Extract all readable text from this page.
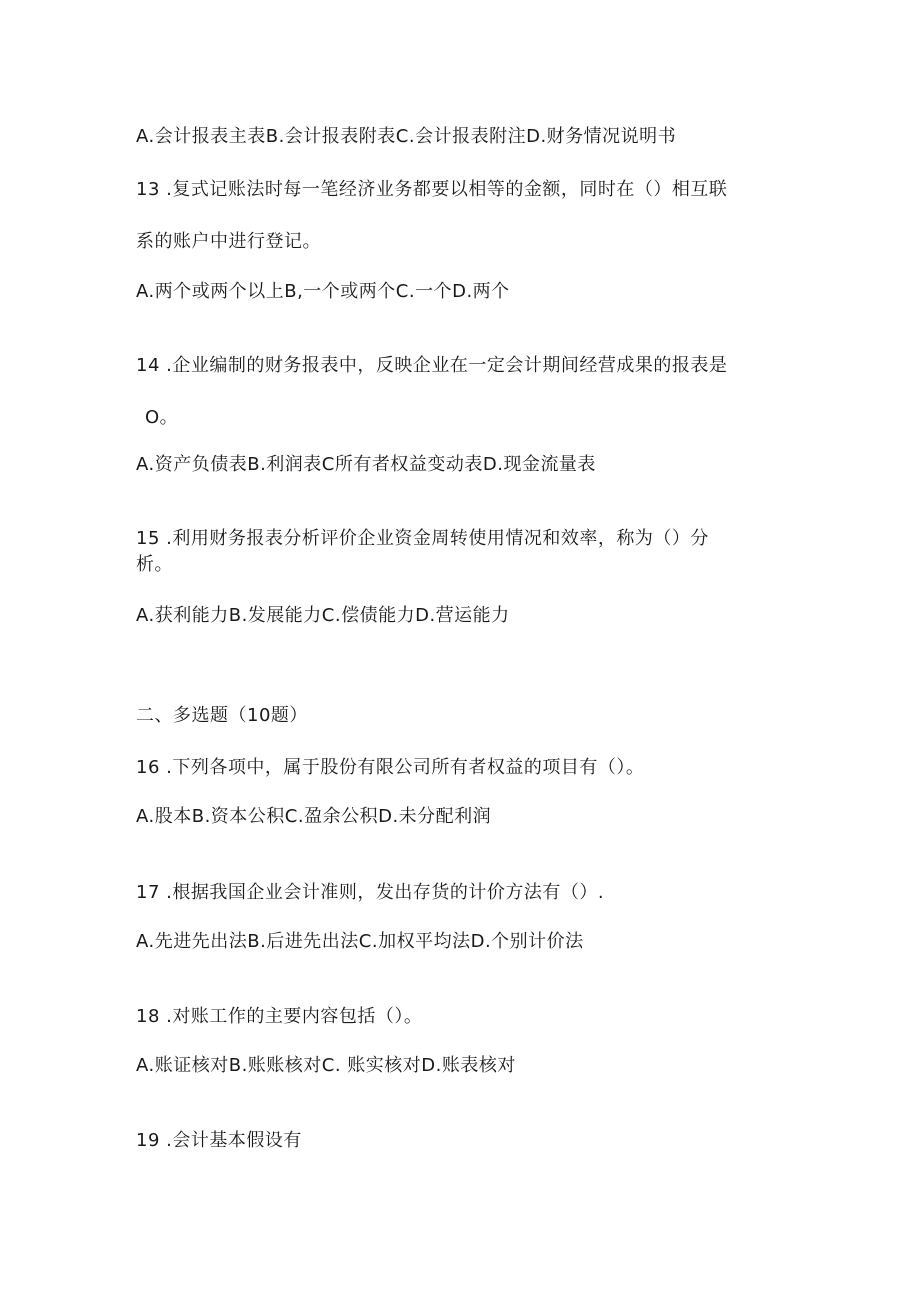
A.会计报表主表B.会计报表附表C.会计报表附注D.财务情况说明书
13 .复式记账法时每一笔经济业务都要以相等的金额，同时在（）相互联
系的账户中进行登记。
A.两个或两个以上B,一个或两个C.一个D.两个
14 .企业编制的财务报表中，反映企业在一定会计期间经营成果的报表是
O。
A.资产负债表B.利润表C所有者权益变动表D.现金流量表
15 .利用财务报表分析评价企业资金周转使用情况和效率，称为（）分
析。
A.获利能力B.发展能力C.偿债能力D.营运能力
二、多选题（10题）
16 .下列各项中，属于股份有限公司所有者权益的项目有（）。
A.股本B.资本公积C.盈余公积D.未分配利润
17 .根据我国企业会计准则，发出存货的计价方法有（）.
A.先进先出法B.后进先出法C.加权平均法D.个别计价法
18 .对账工作的主要内容包括（）。
A.账证核对B.账账核对C. 账实核对D.账表核对
19 .会计基本假设有
